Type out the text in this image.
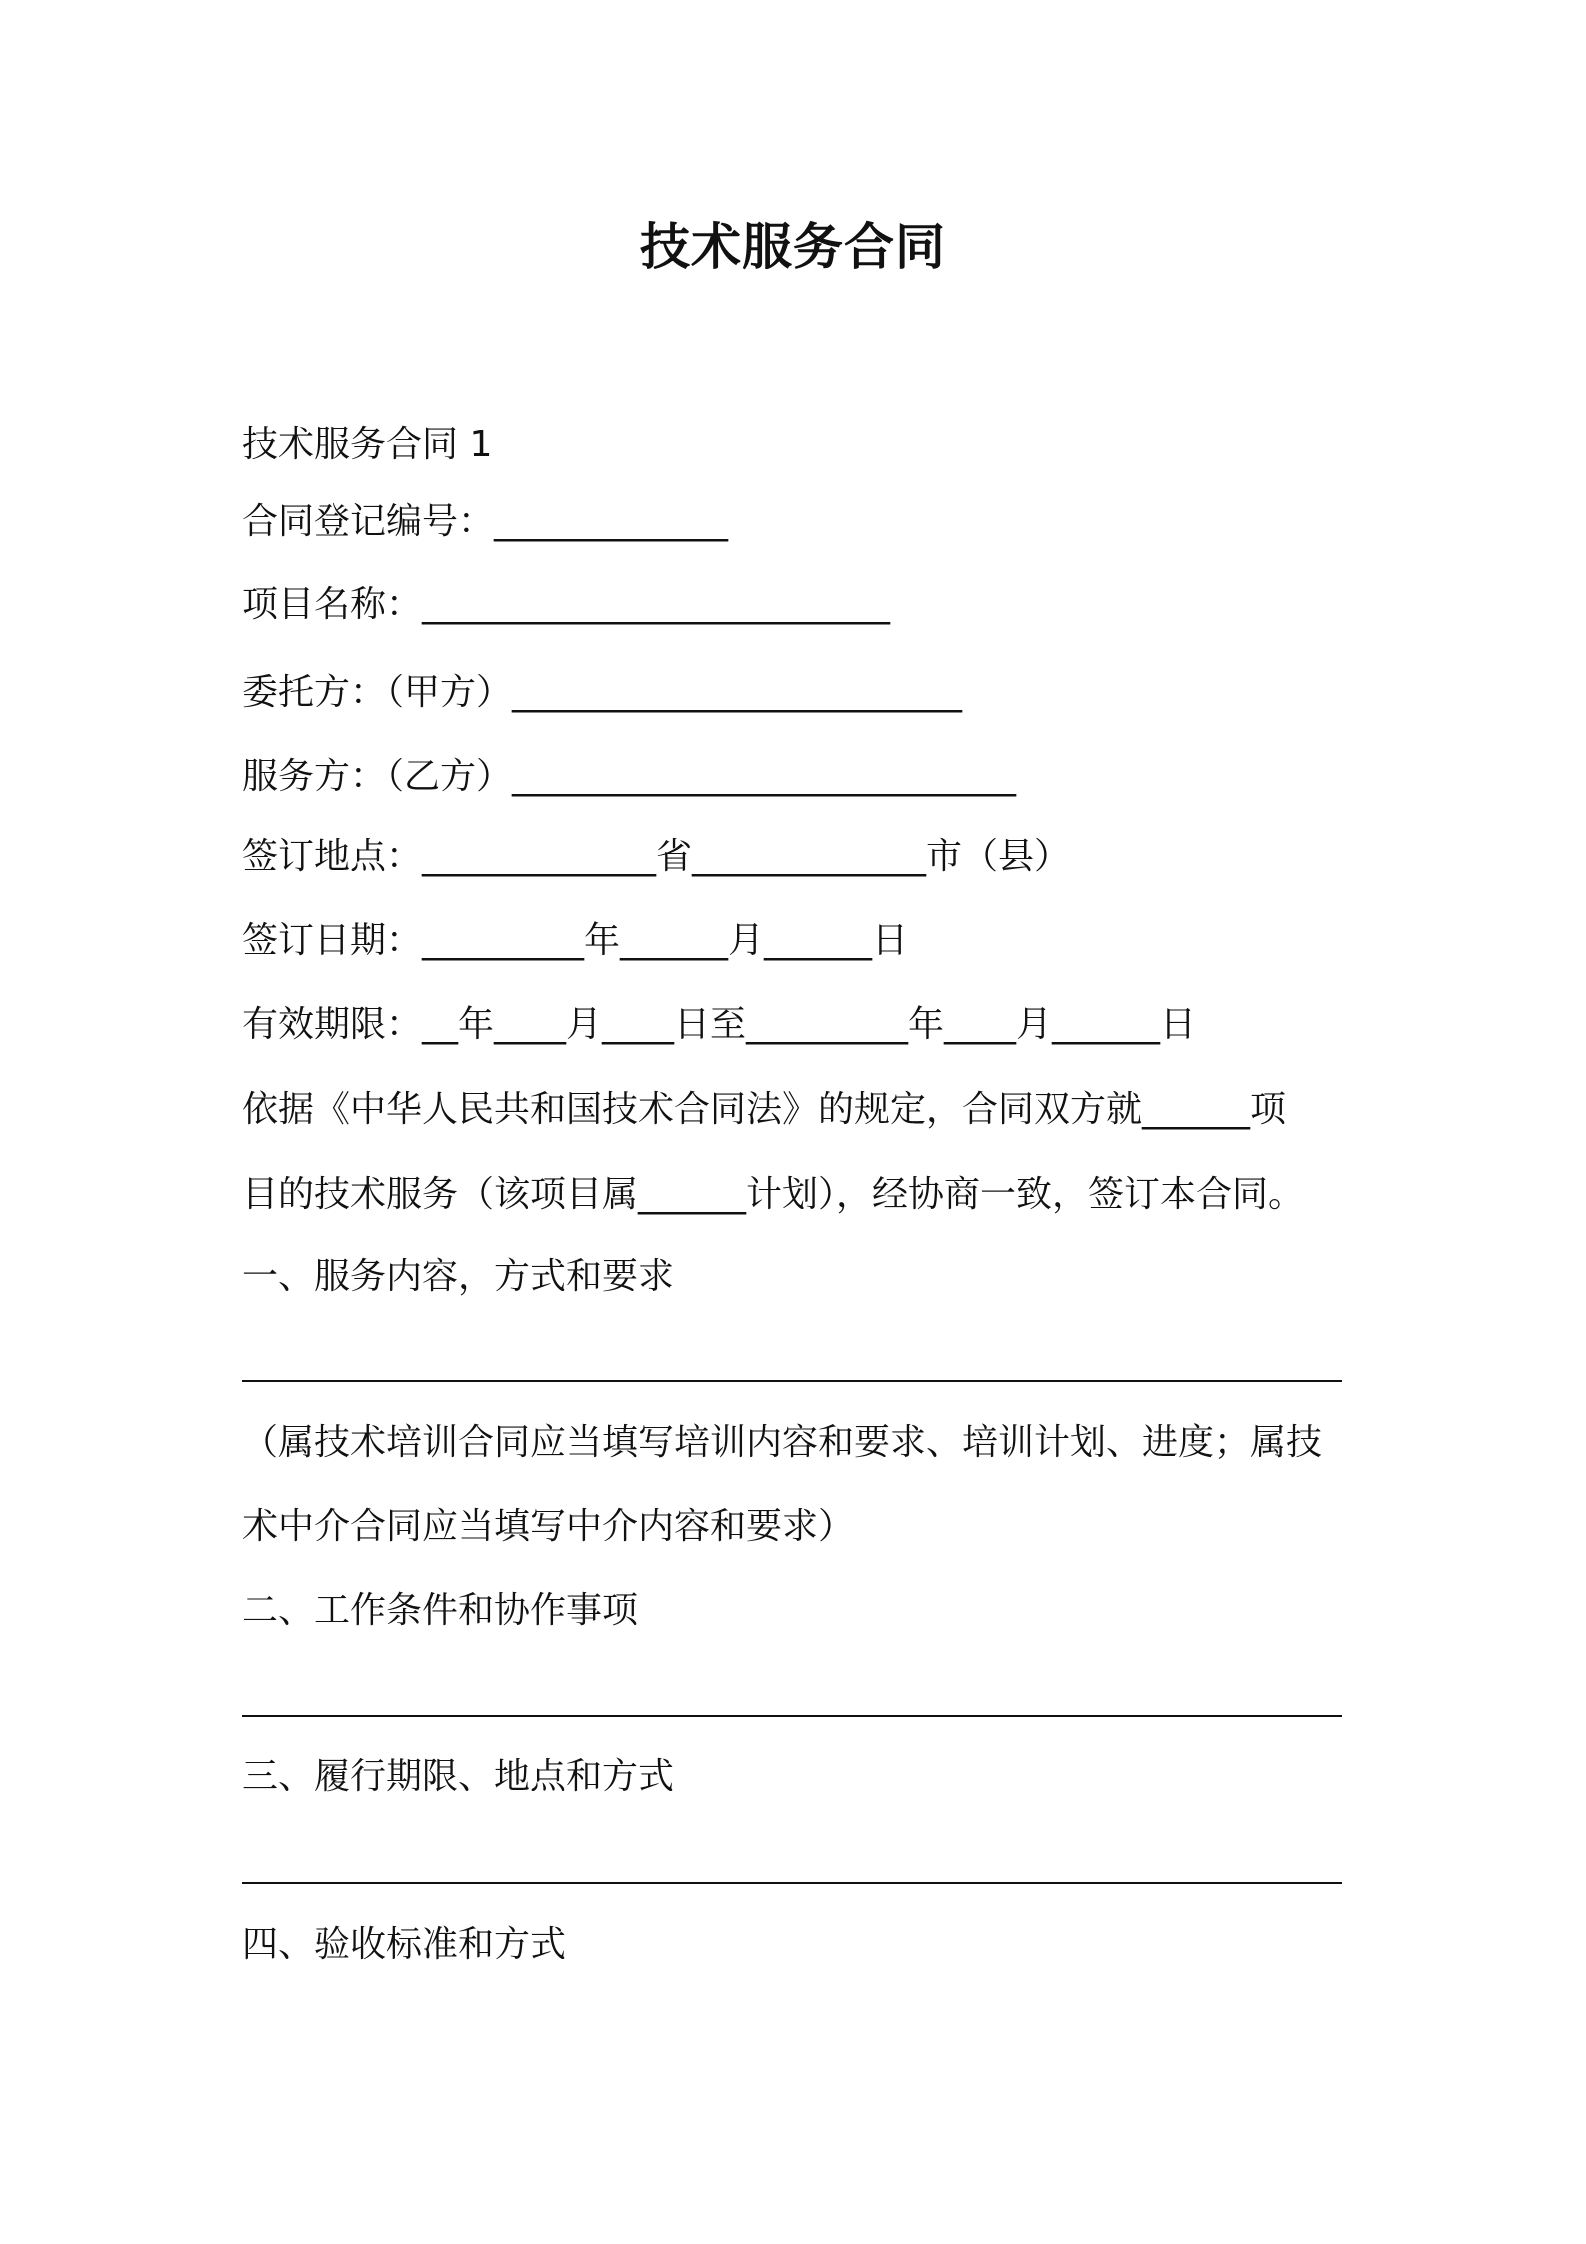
技术服务合同
技术服务合同 1
合同登记编号：_____________
项目名称：__________________________
委托方：（甲方）_________________________
服务方：（乙方）____________________________
签订地点：_____________省_____________市（县）
签订日期：_________年______月______日
有效期限：__年____月____日至_________年____月______日
依据《中华人民共和国技术合同法》的规定，合同双方就______项
目的技术服务（该项目属______计划），经协商一致，签订本合同。
一、服务内容，方式和要求
（属技术培训合同应当填写培训内容和要求、培训计划、进度；属技
术中介合同应当填写中介内容和要求）
二、工作条件和协作事项
三、履行期限、地点和方式
四、验收标准和方式
